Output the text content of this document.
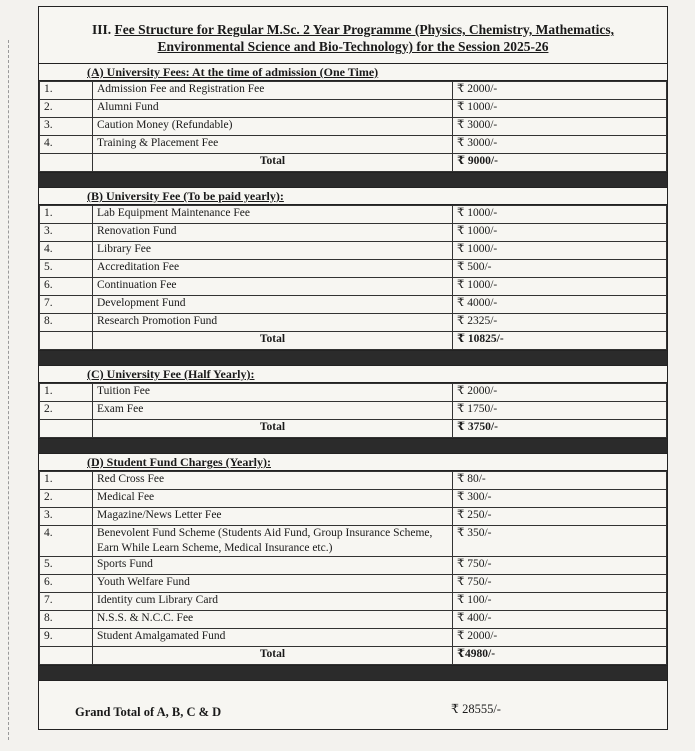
III. Fee Structure for Regular M.Sc. 2 Year Programme (Physics, Chemistry, Mathematics,
Environmental Science and Bio-Technology) for the Session 2025-26
(A) University Fees: At the time of admission (One Time)
1.	Admission Fee and Registration Fee	₹ 2000/-
2.	Alumni Fund	₹ 1000/-
3.	Caution Money (Refundable)	₹ 3000/-
4.	Training & Placement Fee	₹ 3000/-
	Total	₹ 9000/-
(B) University Fee (To be paid yearly):
1.	Lab Equipment Maintenance Fee	₹ 1000/-
3.	Renovation Fund	₹ 1000/-
4.	Library Fee	₹ 1000/-
5.	Accreditation Fee	₹ 500/-
6.	Continuation Fee	₹ 1000/-
7.	Development Fund	₹ 4000/-
8.	Research Promotion Fund	₹ 2325/-
	Total	₹ 10825/-
(C) University Fee (Half Yearly):
1.	Tuition Fee	₹ 2000/-
2.	Exam Fee	₹ 1750/-
	Total	₹ 3750/-
(D) Student Fund Charges (Yearly):
1.	Red Cross Fee	₹ 80/-
2.	Medical Fee	₹ 300/-
3.	Magazine/News Letter Fee	₹ 250/-
4.	Benevolent Fund Scheme (Students Aid Fund, Group Insurance Scheme, Earn While Learn Scheme, Medical Insurance etc.)	₹ 350/-
5.	Sports Fund	₹ 750/-
6.	Youth Welfare Fund	₹ 750/-
7.	Identity cum Library Card	₹ 100/-
8.	N.S.S. & N.C.C. Fee	₹ 400/-
9.	Student Amalgamated Fund	₹ 2000/-
	Total	₹4980/-
Grand Total of A, B, C & D	₹ 28555/-
